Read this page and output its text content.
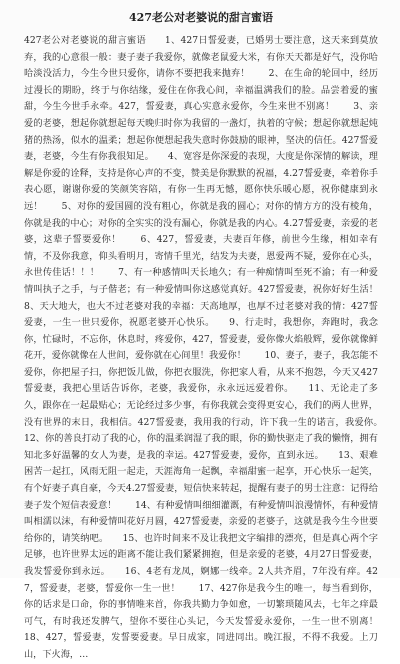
427老公对老婆说的甜言蜜语
427老公对老婆说的甜言蜜语　　1、427日誓爱妻，已婚男士要注意，这天来到莫放弃，我的心意很一般：妻子妻子我爱你，就像老鼠爱大米，有你天天都是好气，没你哈哈淡没活力，今生今世只爱你，请你不要把我来抛弃！　　2、在生命的轮回中，经历过漫长的期盼，终于与你结缘，爱住在你我心间，幸福温满我们的脸。品尝着爱的蜜甜，今生今世手永牵。427，誓爱妻，真心实意永爱你，今生来世不别离！　　3、亲爱的老婆，想起你就想起每天晚归时你为我留的一盏灯，执着的守候；想起你就想起炖猪的热汤，似水的温柔；想起你便想起我失意时你鼓励的眼神，坚决的信任。427誓爱妻，老婆，今生有你我很知足。　　4、宽容是你深爱的表现，大度是你深情的解读，理解是你爱的诠释，支持是你心声的不变，赞美是你默默的祝福，4.27誓爱妻，牵着你手表心愿，谢谢你爱的笑颜笑容陪，有你一生再无憾，愿你快乐暖心愿，祝你健康到永远！　　5、对你的爱国圆的没有粗心，你就是我的圆心；对你的情方方的没有棱角，你就是我的中心；对你的全实实的没有漏心，你就是我的内心。4.27誓爱妻，亲爱的老婆，这辈子誓要爱你！　　6、427，誓爱妻，夫妻百年修，前世今生缘，相如幸有情，不及你我意，仰头看明月，寄情千里光，结发为夫妻，恩爱两不疑，爱你在心头，永世传佳话！！！　　7、有一种感情叫天长地久；有一种痴情叫至死不渝；有一种爱情叫执子之手，与子偕老；有一种爱情叫你这感觉真好。427誓爱妻，祝你好好生活！　　8、天大地大，也大不过老婆对我的幸福：天高地厚，也厚不过老婆对我的情：427誓爱妻，一生一世只爱你，祝愿老婆开心快乐。　　9、行走时，我想你，奔跑时，我念你，忙碌时，不忘你，休息时，疼爱你，427，誓爱妻，爱你像火焰般辉，爱你就像鲜花开，爱你就像在人世间，爱你就在心间里！我爱你！　　10、妻子，妻子，我怎能不爱你，你把屋子扫，你把饭儿做，你把衣服洗，你把家人看，从来不抱怨，今天又427誓爱妻，我把心里话告诉你，老婆，我爱你，永永远远爱着你。　　11、无论走了多久，跟你在一起最贴心；无论经过多少事，有你我就会变得更安心，我们的两人世界，没有世界的末日，我相信。427誓爱妻，我用我的行动，许下我一生的诺言，我爱你。　　12、你的善良打动了我的心，你的温柔润湿了我的眼，你的勤快驱走了我的懒惰，拥有知北多好温馨的女人为妻，是我的幸运。427誓爱妻，爱你，直到永远。　　13、艰难困苦一起扛，风雨无阻一起走，天涯海角一起飘，幸福甜蜜一起享，开心快乐一起笑，有个好妻子真自豪，今天4.27誓爱妻，短信快来转起，提醒有妻子的男士注意：记得给妻子发个短信表爱意！　　14、有种爱情叫细细灌溉，有种爱情叫浪漫情怀，有种爱情叫相濡以沫，有种爱情叫花好月圆，427誓爱妻，亲爱的老婆子，这就是我今生今世要给你的，请笑纳吧。　　15、也许时间来不及让我把文字编排的漂亮，但是真心两个字足够，也许世界太远的距离不能让我们紧紧拥抱，但是亲爱的老婆，4月27日誓爱妻，我发誓爱你到永远。　　16、4老有龙凤，婀娜一线牵。2人共齐眉，7年没有痒。427，誓爱妻，老婆，誓爱你一生一世！　　17、427你是我今生的唯一，每当看到你，你的话求是口命，你的事情唯来首，你我共勤力争如愈，一切繁琐随风去，七年之痒最可气，有时我还发脾气，望你不要往心头记，今天发誓爱永爱你，一生一世不别离！　　18、427，誓爱妻，发誓要爱妻。早日成家，同进同出。晚江报，不得不我爱。上刀山，下火海，…
